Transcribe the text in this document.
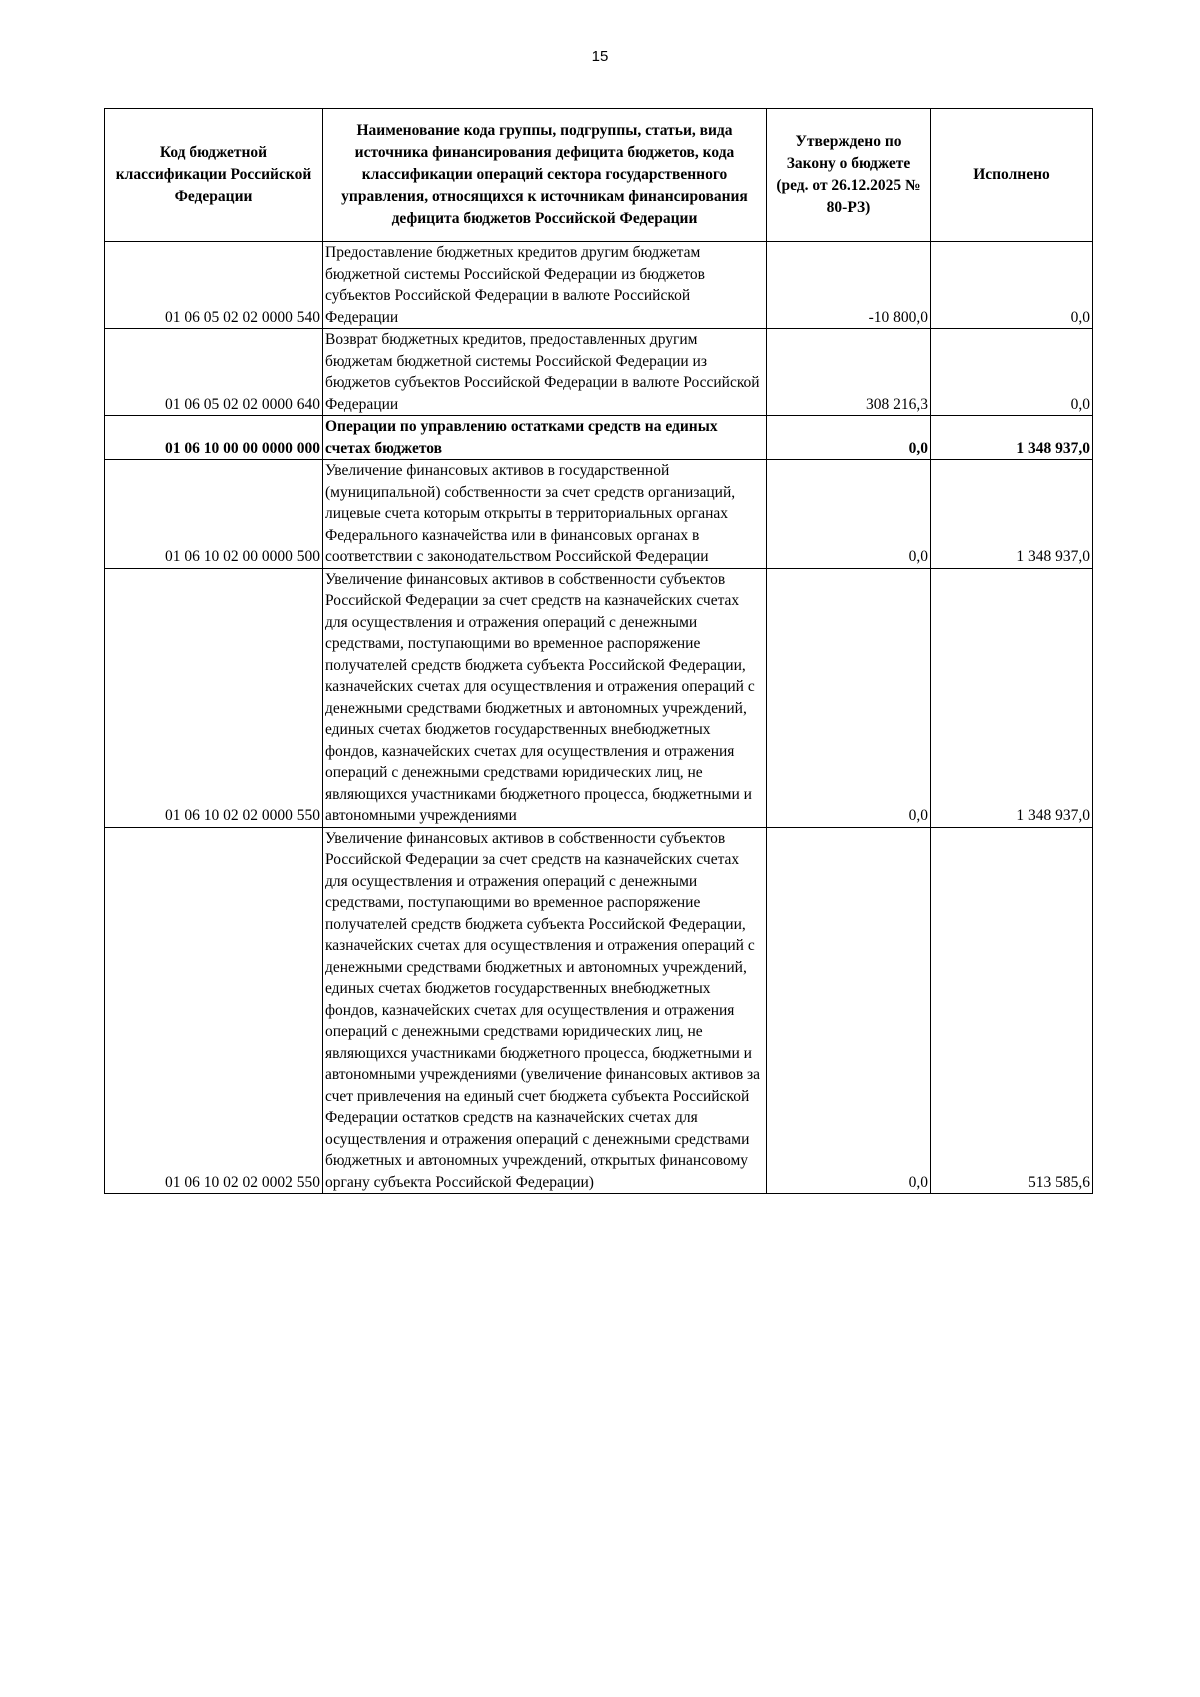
15
Код бюджетной классификации Российской Федерации	Наименование кода группы, подгруппы, статьи, вида источника финансирования дефицита бюджетов, кода классификации операций сектора государственного управления, относящихся к источникам финансирования дефицита бюджетов Российской Федерации	Утверждено по Закону о бюджете (ред. от 26.12.2025 № 80-РЗ)	Исполнено
01 06 05 02 02 0000 540	Предоставление бюджетных кредитов другим бюджетам бюджетной системы Российской Федерации из бюджетов субъектов Российской Федерации в валюте Российской Федерации	-10 800,0	0,0
01 06 05 02 02 0000 640	Возврат бюджетных кредитов, предоставленных другим бюджетам бюджетной системы Российской Федерации из бюджетов субъектов Российской Федерации в валюте Российской Федерации	308 216,3	0,0
01 06 10 00 00 0000 000	Операции по управлению остатками средств на единых счетах бюджетов	0,0	1 348 937,0
01 06 10 02 00 0000 500	Увеличение финансовых активов в государственной (муниципальной) собственности за счет средств организаций, лицевые счета которым открыты в территориальных органах Федерального казначейства или в финансовых органах в соответствии с законодательством Российской Федерации	0,0	1 348 937,0
01 06 10 02 02 0000 550	Увеличение финансовых активов в собственности субъектов Российской Федерации за счет средств на казначейских счетах для осуществления и отражения операций с денежными средствами, поступающими во временное распоряжение получателей средств бюджета субъекта Российской Федерации, казначейских счетах для осуществления и отражения операций с денежными средствами бюджетных и автономных учреждений, единых счетах бюджетов государственных внебюджетных фондов, казначейских счетах для осуществления и отражения операций с денежными средствами юридических лиц, не являющихся участниками бюджетного процесса, бюджетными и автономными учреждениями	0,0	1 348 937,0
01 06 10 02 02 0002 550	Увеличение финансовых активов в собственности субъектов Российской Федерации за счет средств на казначейских счетах для осуществления и отражения операций с денежными средствами, поступающими во временное распоряжение получателей средств бюджета субъекта Российской Федерации, казначейских счетах для осуществления и отражения операций с денежными средствами бюджетных и автономных учреждений, единых счетах бюджетов государственных внебюджетных фондов, казначейских счетах для осуществления и отражения операций с денежными средствами юридических лиц, не являющихся участниками бюджетного процесса, бюджетными и автономными учреждениями (увеличение финансовых активов за счет привлечения на единый счет бюджета субъекта Российской Федерации остатков средств на казначейских счетах для осуществления и отражения операций с денежными средствами бюджетных и автономных учреждений, открытых финансовому органу субъекта Российской Федерации)	0,0	513 585,6
